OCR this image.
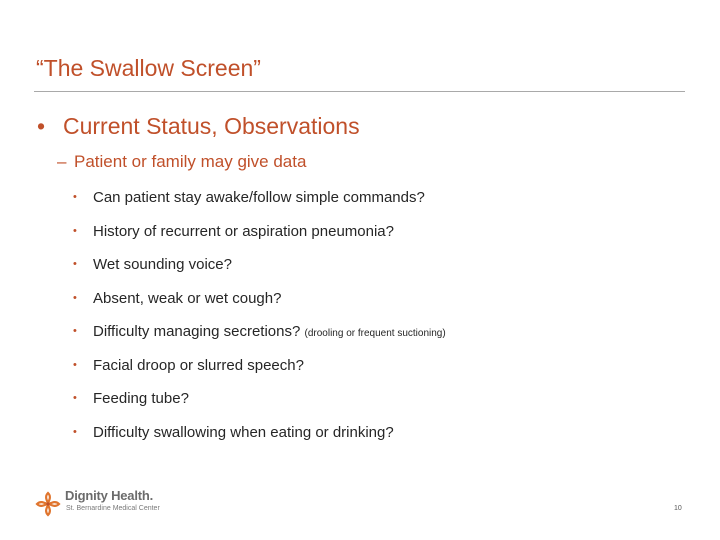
“The Swallow Screen”
• Current Status, Observations
– Patient or family may give data
• Can patient stay awake/follow simple commands?
• History of recurrent or aspiration pneumonia?
• Wet sounding voice?
• Absent, weak or wet cough?
• Difficulty managing secretions? (drooling or frequent suctioning)
• Facial droop or slurred speech?
• Feeding tube?
• Difficulty swallowing when eating or drinking?
Dignity Health.
St. Bernardine Medical Center	10
